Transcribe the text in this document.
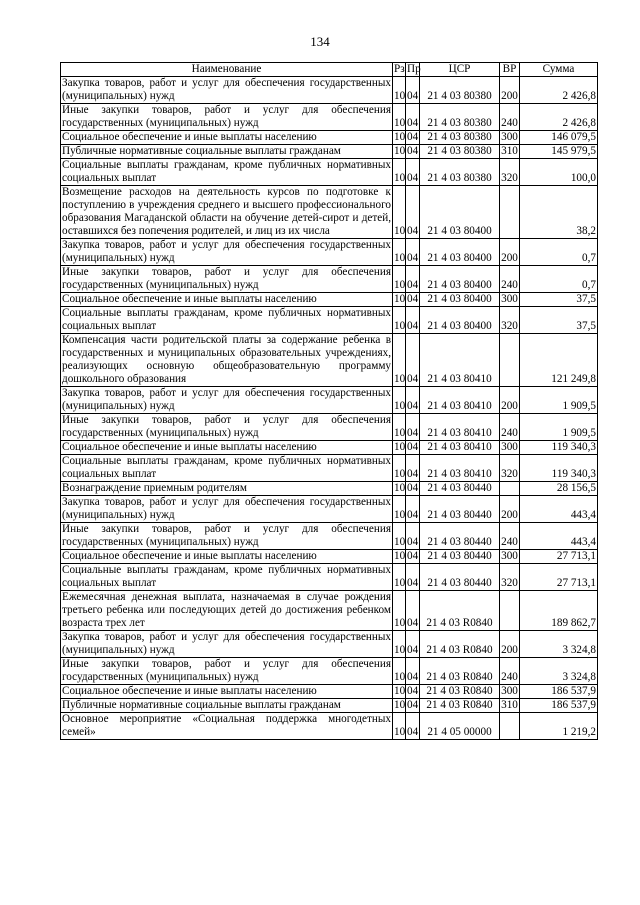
134
Наименование	Рз	Пр	ЦСР	ВР	Сумма
Закупка товаров, работ и услуг для обеспечения государственных (муниципальных) нужд	10	04	21 4 03 80380	200	2 426,8
Иные закупки товаров, работ и услуг для обеспечения государственных (муниципальных) нужд	10	04	21 4 03 80380	240	2 426,8
Социальное обеспечение и иные выплаты населению	10	04	21 4 03 80380	300	146 079,5
Публичные нормативные социальные выплаты гражданам	10	04	21 4 03 80380	310	145 979,5
Социальные выплаты гражданам, кроме публичных нормативных социальных выплат	10	04	21 4 03 80380	320	100,0
Возмещение расходов на деятельность курсов по подготовке к поступлению в учреждения среднего и высшего профессионального образования Магаданской области на обучение детей-сирот и детей, оставшихся без попечения родителей, и лиц из их числа	10	04	21 4 03 80400		38,2
Закупка товаров, работ и услуг для обеспечения государственных (муниципальных) нужд	10	04	21 4 03 80400	200	0,7
Иные закупки товаров, работ и услуг для обеспечения государственных (муниципальных) нужд	10	04	21 4 03 80400	240	0,7
Социальное обеспечение и иные выплаты населению	10	04	21 4 03 80400	300	37,5
Социальные выплаты гражданам, кроме публичных нормативных социальных выплат	10	04	21 4 03 80400	320	37,5
Компенсация части родительской платы за содержание ребенка в государственных и муниципальных образовательных учреждениях, реализующих основную общеобразовательную программу дошкольного образования	10	04	21 4 03 80410		121 249,8
Закупка товаров, работ и услуг для обеспечения государственных (муниципальных) нужд	10	04	21 4 03 80410	200	1 909,5
Иные закупки товаров, работ и услуг для обеспечения государственных (муниципальных) нужд	10	04	21 4 03 80410	240	1 909,5
Социальное обеспечение и иные выплаты населению	10	04	21 4 03 80410	300	119 340,3
Социальные выплаты гражданам, кроме публичных нормативных социальных выплат	10	04	21 4 03 80410	320	119 340,3
Вознаграждение приемным родителям	10	04	21 4 03 80440		28 156,5
Закупка товаров, работ и услуг для обеспечения государственных (муниципальных) нужд	10	04	21 4 03 80440	200	443,4
Иные закупки товаров, работ и услуг для обеспечения государственных (муниципальных) нужд	10	04	21 4 03 80440	240	443,4
Социальное обеспечение и иные выплаты населению	10	04	21 4 03 80440	300	27 713,1
Социальные выплаты гражданам, кроме публичных нормативных социальных выплат	10	04	21 4 03 80440	320	27 713,1
Ежемесячная денежная выплата, назначаемая в случае рождения третьего ребенка или последующих детей до достижения ребенком возраста трех лет	10	04	21 4 03 R0840		189 862,7
Закупка товаров, работ и услуг для обеспечения государственных (муниципальных) нужд	10	04	21 4 03 R0840	200	3 324,8
Иные закупки товаров, работ и услуг для обеспечения государственных (муниципальных) нужд	10	04	21 4 03 R0840	240	3 324,8
Социальное обеспечение и иные выплаты населению	10	04	21 4 03 R0840	300	186 537,9
Публичные нормативные социальные выплаты гражданам	10	04	21 4 03 R0840	310	186 537,9
Основное мероприятие «Социальная поддержка многодетных семей»	10	04	21 4 05 00000		1 219,2
